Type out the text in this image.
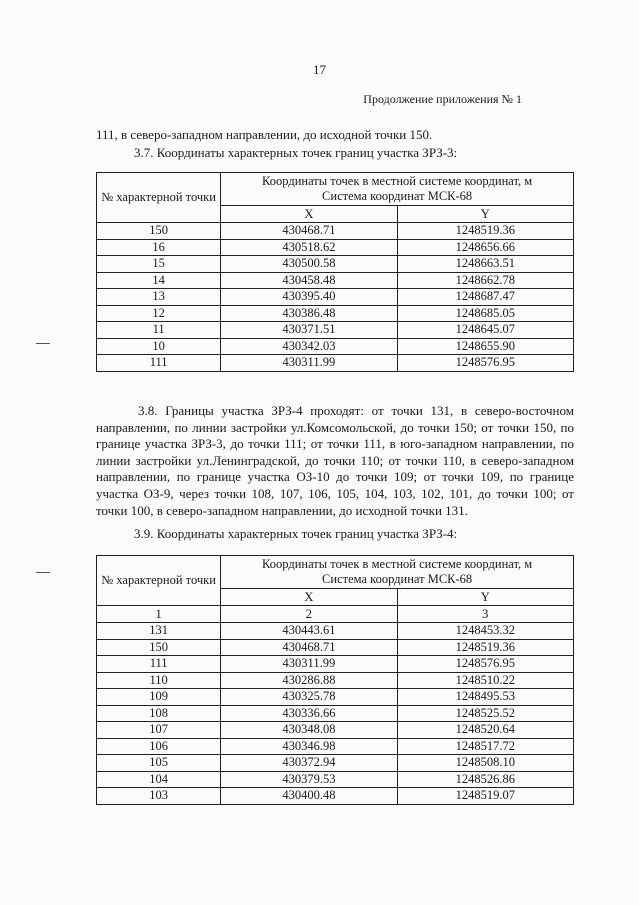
17
Продолжение приложения № 1
111, в северо-западном направлении, до исходной точки 150.
3.7. Координаты характерных точек границ участка ЗРЗ-3:
№ характерной точки	Координаты точек в местной системе координат, м
Система координат МСК-68	

	X	Y
150	430468.71	1248519.36
16	430518.62	1248656.66
15	430500.58	1248663.51
14	430458.48	1248662.78
13	430395.40	1248687.47
12	430386.48	1248685.05
11	430371.51	1248645.07
10	430342.03	1248655.90
111	430311.99	1248576.95

3.8. Границы участка ЗРЗ-4 проходят: от точки 131, в северо-восточном направлении, по линии застройки ул.Комсомольской, до точки 150; от точки 150, по границе участка ЗРЗ-3, до точки 111; от точки 111, в юго-западном направлении, по линии застройки ул.Ленинградской, до точки 110; от точки 110, в северо-западном направлении, по границе участка ОЗ-10 до точки 109; от точки 109, по границе участка ОЗ-9, через точки 108, 107, 106, 105, 104, 103, 102, 101, до точки 100; от точки 100, в северо-западном направлении, до исходной точки 131.

3.9. Координаты характерных точек границ участка ЗРЗ-4:
№ характерной точки	Координаты точек в местной системе координат, м
Система координат МСК-68	

	X	Y
1	2	3
131	430443.61	1248453.32
150	430468.71	1248519.36
111	430311.99	1248576.95
110	430286.88	1248510.22
109	430325.78	1248495.53
108	430336.66	1248525.52
107	430348.08	1248520.64
106	430346.98	1248517.72
105	430372.94	1248508.10
104	430379.53	1248526.86
103	430400.48	1248519.07
